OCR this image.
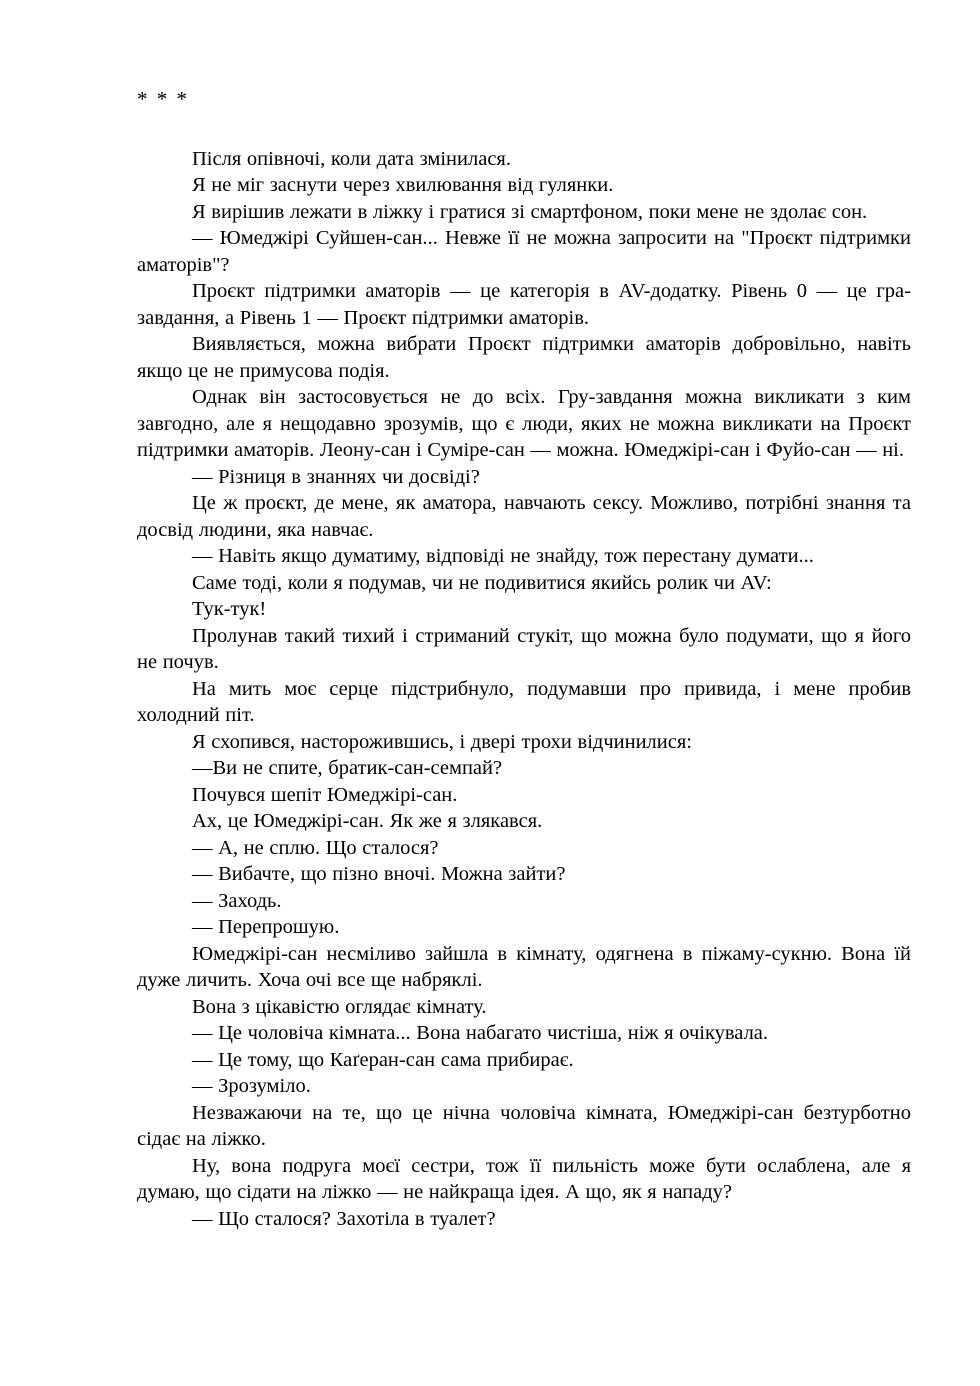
* * *

Після опівночі, коли дата змінилася.

Я не міг заснути через хвилювання від гулянки.

Я вирішив лежати в ліжку і гратися зі смартфоном, поки мене не здолає сон.

— Юмеджірі Суйшен-сан... Невже її не можна запросити на "Проєкт підтримки аматорів"?

Проєкт підтримки аматорів — це категорія в AV-додатку. Рівень 0 — це гра-завдання, а Рівень 1 — Проєкт підтримки аматорів.

Виявляється, можна вибрати Проєкт підтримки аматорів добровільно, навіть якщо це не примусова подія.

Однак він застосовується не до всіх. Гру-завдання можна викликати з ким завгодно, але я нещодавно зрозумів, що є люди, яких не можна викликати на Проєкт підтримки аматорів. Леону-сан і Суміре-сан — можна. Юмеджірі-сан і Фуйо-сан — ні.

— Різниця в знаннях чи досвіді?

Це ж проєкт, де мене, як аматора, навчають сексу. Можливо, потрібні знання та досвід людини, яка навчає.

— Навіть якщо думатиму, відповіді не знайду, тож перестану думати...

Саме тоді, коли я подумав, чи не подивитися якийсь ролик чи AV:

Тук-тук!

Пролунав такий тихий і стриманий стукіт, що можна було подумати, що я його не почув.

На мить моє серце підстрибнуло, подумавши про привида, і мене пробив холодний піт.

Я схопився, насторожившись, і двері трохи відчинилися:

—Ви не спите, братик-сан-семпай?

Почувся шепіт Юмеджірі-сан.

Ах, це Юмеджірі-сан. Як же я злякався.

— А, не сплю. Що сталося?

— Вибачте, що пізно вночі. Можна зайти?

— Заходь.

— Перепрошую.

Юмеджірі-сан несміливо зайшла в кімнату, одягнена в піжаму-сукню. Вона їй дуже личить. Хоча очі все ще набряклі.

Вона з цікавістю оглядає кімнату.

— Це чоловіча кімната... Вона набагато чистіша, ніж я очікувала.

— Це тому, що Каґеран-сан сама прибирає.

— Зрозуміло.

Незважаючи на те, що це нічна чоловіча кімната, Юмеджірі-сан безтурботно сідає на ліжко.

Ну, вона подруга моєї сестри, тож її пильність може бути ослаблена, але я думаю, що сідати на ліжко — не найкраща ідея. А що, як я нападу?

— Що сталося? Захотіла в туалет?
